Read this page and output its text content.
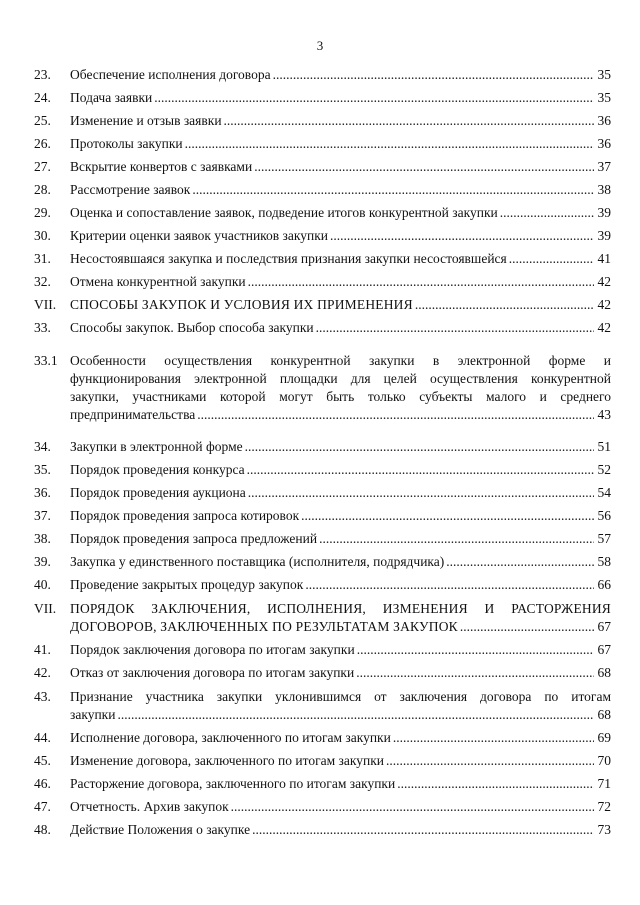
3
23.	Обеспечение исполнения договора .....	35
24.	Подача заявки .....	35
25.	Изменение и отзыв заявки .....	36
26.	Протоколы закупки .....	36
27.	Вскрытие конвертов с заявками .....	37
28.	Рассмотрение заявок .....	38
29.	Оценка и сопоставление заявок, подведение итогов конкурентной закупки .....	39
30.	Критерии оценки заявок участников закупки .....	39
31.	Несостоявшаяся закупка и последствия признания закупки несостоявшейся .....	41
32.	Отмена конкурентной закупки .....	42
VII.	СПОСОБЫ ЗАКУПОК И УСЛОВИЯ ИХ ПРИМЕНЕНИЯ .....	42
33.	Способы закупок. Выбор способа закупки .....	42
33.1 Особенности осуществления конкурентной закупки в электронной форме и
функционирования электронной площадки для целей осуществления конкурентной
закупки, участниками которой могут быть только субъекты малого и среднего
предпринимательства .....	43
34.	Закупки в электронной форме .....	51
35.	Порядок проведения конкурса .....	52
36.	Порядок проведения аукциона .....	54
37.	Порядок проведения запроса котировок .....	56
38.	Порядок проведения запроса предложений .....	57
39.	Закупка у единственного поставщика (исполнителя, подрядчика) .....	58
40.	Проведение закрытых процедур закупок .....	66
VII.	ПОРЯДОК ЗАКЛЮЧЕНИЯ, ИСПОЛНЕНИЯ, ИЗМЕНЕНИЯ И РАСТОРЖЕНИЯ
ДОГОВОРОВ, ЗАКЛЮЧЕННЫХ ПО РЕЗУЛЬТАТАМ ЗАКУПОК .....	67
41.	Порядок заключения договора по итогам закупки .....	67
42.	Отказ от заключения договора по итогам закупки .....	68
43.	Признание участника закупки уклонившимся от заключения договора по итогам
закупки .....	68
44.	Исполнение договора, заключенного по итогам закупки .....	69
45.	Изменение договора, заключенного по итогам закупки .....	70
46.	Расторжение договора, заключенного по итогам закупки .....	71
47.	Отчетность. Архив закупок .....	72
48.	Действие Положения о закупке .....	73
